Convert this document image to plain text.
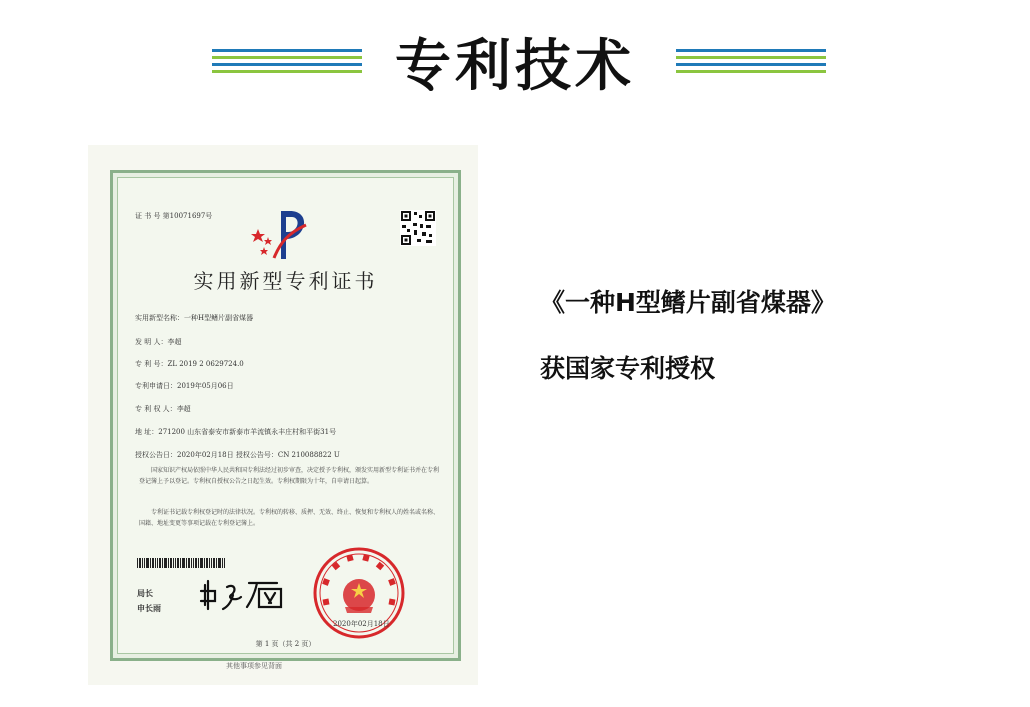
专利技术
证 书 号 第10071697号
实用新型专利证书
实用新型名称：一种H型鳍片副省煤器
发 明 人：李超
专 利 号：ZL 2019 2 0629724.0
专利申请日：2019年05月06日
专 利 权 人：李超
地 址：271200 山东省泰安市新泰市羊流镇永丰庄村和平街31号
授权公告日：2020年02月18日 授权公告号：CN 210088822 U
国家知识产权局依照中华人民共和国专利法经过初步审查，决定授予专利权，颁发实用新型专利证书并在专利登记簿上予以登记。专利权自授权公告之日起生效。专利权期限为十年，自申请日起算。
专利证书记载专利权登记时的法律状况。专利权的转移、质押、无效、终止、恢复和专利权人的姓名或名称、国籍、地址变更等事项记载在专利登记簿上。
局长
申长雨
2020年02月18日
第 1 页（共 2 页）
其他事项参见背面
《一种H型鳍片副省煤器》
获国家专利授权
